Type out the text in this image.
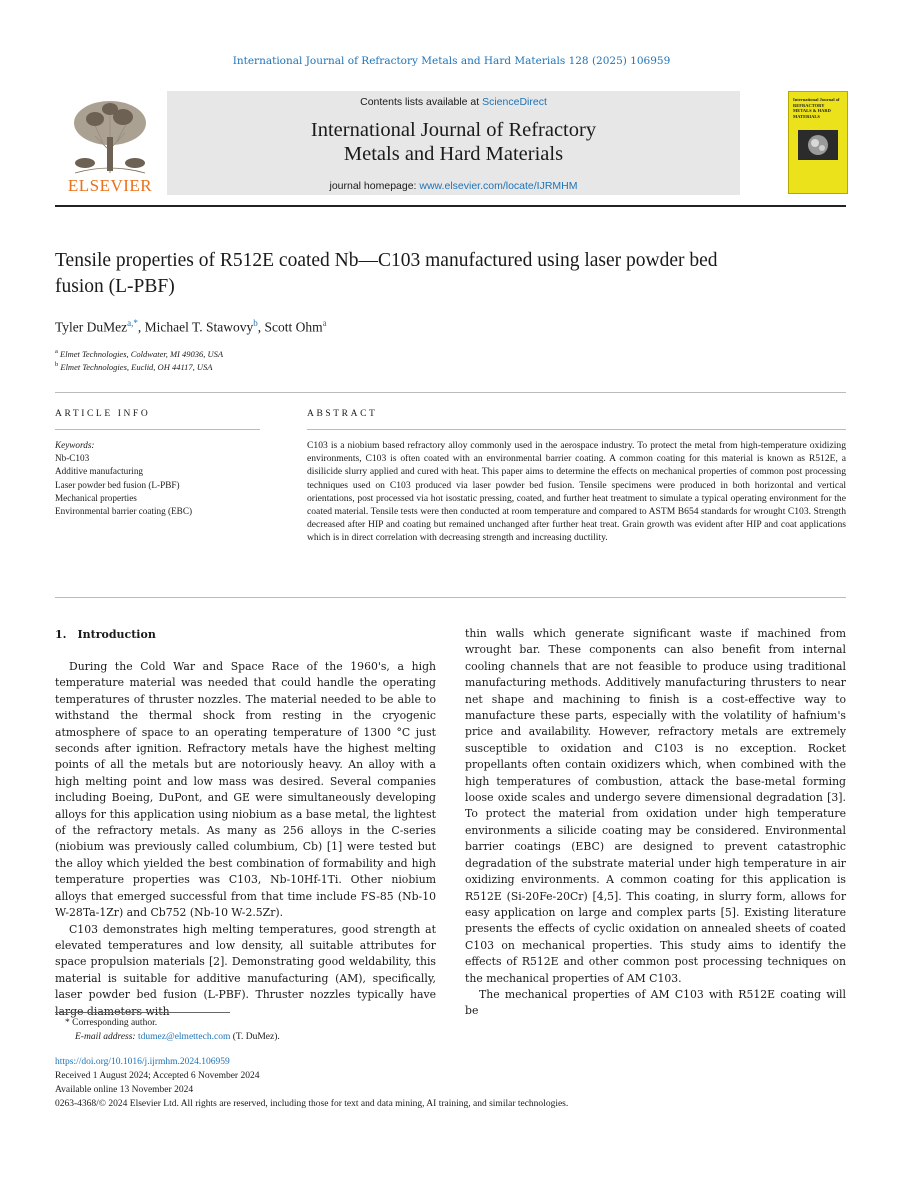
International Journal of Refractory Metals and Hard Materials 128 (2025) 106959
ELSEVIER
Contents lists available at ScienceDirect
International Journal of Refractory
Metals and Hard Materials
journal homepage: www.elsevier.com/locate/IJRMHM
International Journal of REFRACTORY METALS & HARD MATERIALS
Tensile properties of R512E coated Nb—C103 manufactured using laser powder bed fusion (L-PBF)
Tyler DuMez$^{a,*}$, Michael T. Stawovy$^b$, Scott Ohm$^a$
$^a$ Elmet Technologies, Coldwater, MI 49036, USA
$^b$ Elmet Technologies, Euclid, OH 44117, USA
ARTICLE INFO
Keywords:
Nb-C103
Additive manufacturing
Laser powder bed fusion (L-PBF)
Mechanical properties
Environmental barrier coating (EBC)
ABSTRACT
C103 is a niobium based refractory alloy commonly used in the aerospace industry. To protect the metal from high-temperature oxidizing environments, C103 is often coated with an environmental barrier coating. A common coating for this material is known as R512E, a disilicide slurry applied and cured with heat. This paper aims to determine the effects on mechanical properties of common post processing techniques used on C103 produced via laser powder bed fusion. Tensile specimens were produced in both horizontal and vertical orientations, post processed via hot isostatic pressing, coated, and further heat treatment to simulate a typical operating environment for the coated material. Tensile tests were then conducted at room temperature and compared to ASTM B654 standards for wrought C103. Strength decreased after HIP and coating but remained unchanged after further heat treat. Grain growth was evident after HIP and coat applications which is in direct correlation with decreasing strength and increasing ductility.
1. Introduction

During the Cold War and Space Race of the 1960's, a high temperature material was needed that could handle the operating temperatures of thruster nozzles. The material needed to be able to withstand the thermal shock from resting in the cryogenic atmosphere of space to an operating temperature of 1300 °C just seconds after ignition. Refractory metals have the highest melting points of all the metals but are notoriously heavy. An alloy with a high melting point and low mass was desired. Several companies including Boeing, DuPont, and GE were simultaneously developing alloys for this application using niobium as a base metal, the lightest of the refractory metals. As many as 256 alloys in the C-series (niobium was previously called columbium, Cb) [1] were tested but the alloy which yielded the best combination of formability and high temperature properties was C103, Nb-10Hf-1Ti. Other niobium alloys that emerged successful from that time include FS-85 (Nb-10 W-28Ta-1Zr) and Cb752 (Nb-10 W-2.5Zr).

C103 demonstrates high melting temperatures, good strength at elevated temperatures and low density, all suitable attributes for space propulsion materials [2]. Demonstrating good weldability, this material is suitable for additive manufacturing (AM), specifically, laser powder bed fusion (L-PBF). Thruster nozzles typically have large diameters with

thin walls which generate significant waste if machined from wrought bar. These components can also benefit from internal cooling channels that are not feasible to produce using traditional manufacturing methods. Additively manufacturing thrusters to near net shape and machining to finish is a cost-effective way to manufacture these parts, especially with the volatility of hafnium's price and availability. However, refractory metals are extremely susceptible to oxidation and C103 is no exception. Rocket propellants often contain oxidizers which, when combined with the high temperatures of combustion, attack the base-metal forming loose oxide scales and undergo severe dimensional degradation [3]. To protect the material from oxidation under high temperature environments a silicide coating may be considered. Environmental barrier coatings (EBC) are designed to prevent catastrophic degradation of the substrate material under high temperature in air oxidizing environments. A common coating for this application is R512E (Si-20Fe-20Cr) [4,5]. This coating, in slurry form, allows for easy application on large and complex parts [5]. Existing literature presents the effects of cyclic oxidation on annealed sheets of coated C103 on mechanical properties. This study aims to identify the effects of R512E and other common post processing techniques on the mechanical properties of AM C103.

The mechanical properties of AM C103 with R512E coating will be

* Corresponding author.
E-mail address: tdumez@elmettech.com (T. DuMez).
https://doi.org/10.1016/j.ijrmhm.2024.106959
Received 1 August 2024; Accepted 6 November 2024
Available online 13 November 2024
0263-4368/© 2024 Elsevier Ltd. All rights are reserved, including those for text and data mining, AI training, and similar technologies.
